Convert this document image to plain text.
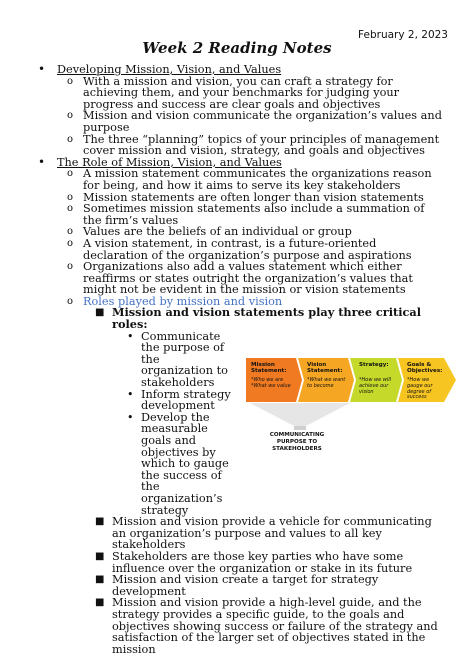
February 2, 2023
Week 2 Reading Notes
• Developing Mission, Vision, and Values
o With a mission and vision, you can craft a strategy for achieving them, and your benchmarks for judging your progress and success are clear goals and objectives
o Mission and vision communicate the organization’s values and purpose
o The three “planning” topics of your principles of management cover mission and vision, strategy, and goals and objectives
• The Role of Mission, Vision, and Values
o A mission statement communicates the organizations reason for being, and how it aims to serve its key stakeholders
o Mission statements are often longer than vision statements
o Sometimes mission statements also include a summation of the firm’s values
o Values are the beliefs of an individual or group
o A vision statement, in contrast, is a future-oriented declaration of the organization’s purpose and aspirations
o Organizations also add a values statement which either reaffirms or states outright the organization’s values that might not be evident in the mission or vision statements
o Roles played by mission and vision
■ Mission and vision statements play three critical roles:
• Communicate the purpose of the organization to stakeholders
• Inform strategy development
• Develop the measurable goals and objectives by which to gauge the success of the organization’s strategy
■ Mission and vision provide a vehicle for communicating an organization’s purpose and values to all key stakeholders
■ Stakeholders are those key parties who have some influence over the organization or stake in its future
■ Mission and vision create a target for strategy development
■ Mission and vision provide a high-level guide, and the strategy provides a specific guide, to the goals and objectives showing success or failure of the strategy and satisfaction of the larger set of objectives stated in the mission
Mission Statement:
*Who we are *What we value
Vision Statement:
*What we want to become
Strategy:
*How we will achieve our vision
Goals & Objectives:
*How we gauge our degree of success
COMMUNICATING PURPOSE TO STAKEHOLDERS
